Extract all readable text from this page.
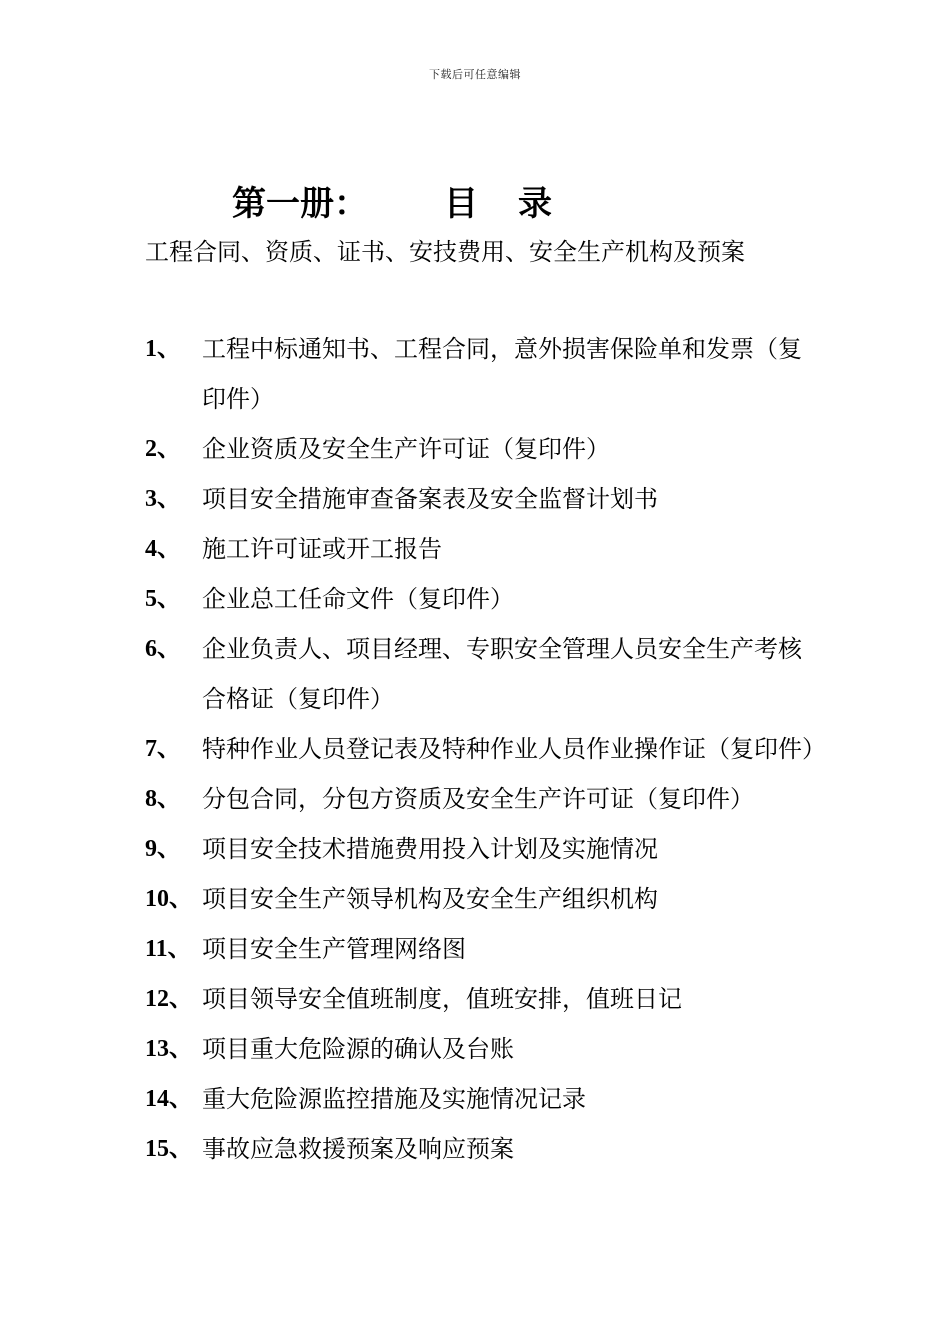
下载后可任意编辑
第一册： 目 录
工程合同、资质、证书、安技费用、安全生产机构及预案
1、 工程中标通知书、工程合同，意外损害保险单和发票（复印件）
2、 企业资质及安全生产许可证（复印件）
3、 项目安全措施审查备案表及安全监督计划书
4、 施工许可证或开工报告
5、 企业总工任命文件（复印件）
6、 企业负责人、项目经理、专职安全管理人员安全生产考核合格证（复印件）
7、 特种作业人员登记表及特种作业人员作业操作证（复印件）
8、 分包合同，分包方资质及安全生产许可证（复印件）
9、 项目安全技术措施费用投入计划及实施情况
10、 项目安全生产领导机构及安全生产组织机构
11、 项目安全生产管理网络图
12、 项目领导安全值班制度，值班安排，值班日记
13、 项目重大危险源的确认及台账
14、 重大危险源监控措施及实施情况记录
15、 事故应急救援预案及响应预案
